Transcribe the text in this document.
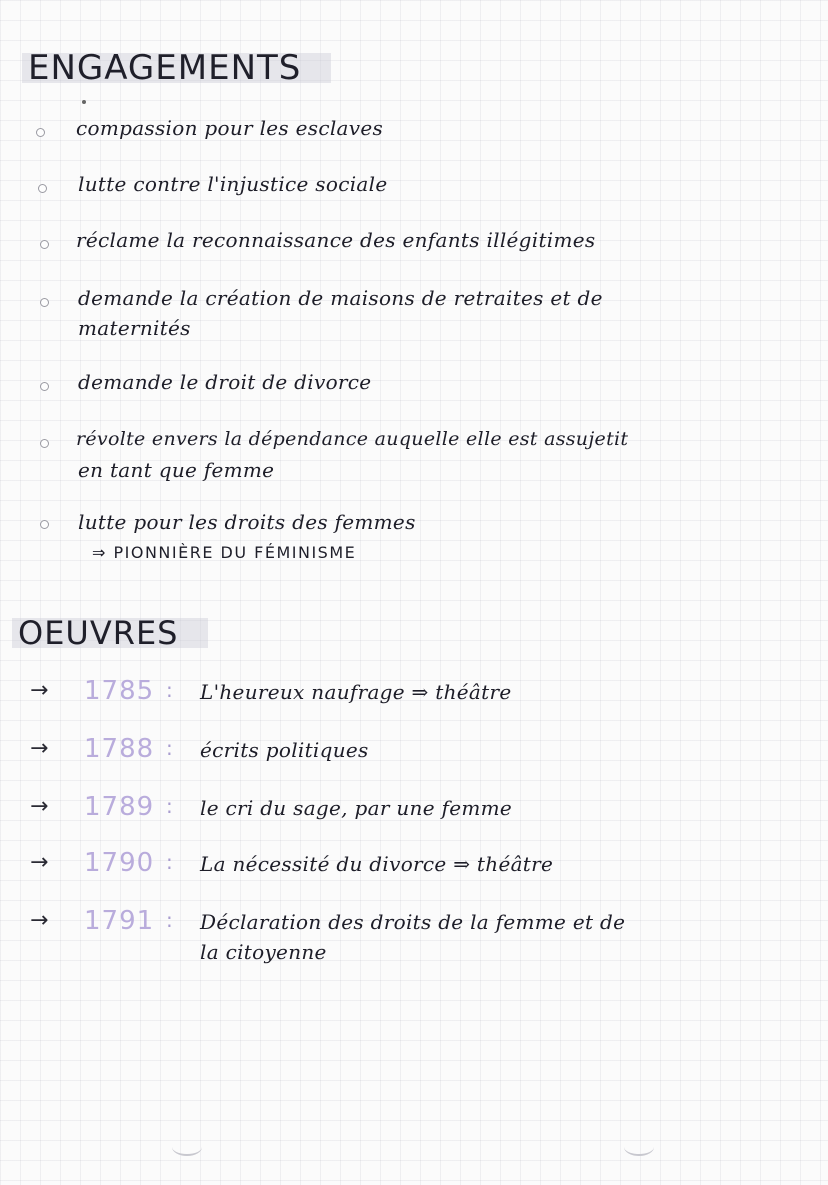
ENGAGEMENTS
compassion pour les esclaves
lutte contre l'injustice sociale
réclame la reconnaissance des enfants illégitimes
demande la création de maisons de retraites et de
maternités
demande le droit de divorce
révolte envers la dépendance auquelle elle est assujetit
en tant que femme
lutte pour les droits des femmes
⇒ PIONNIÈRE DU FÉMINISME
OEUVRES
→ 1785 : L'heureux naufrage ⇒ théâtre
→ 1788 : écrits politiques
→ 1789 : le cri du sage, par une femme
→ 1790 : La nécessité du divorce ⇒ théâtre
→ 1791 : Déclaration des droits de la femme et de
la citoyenne
